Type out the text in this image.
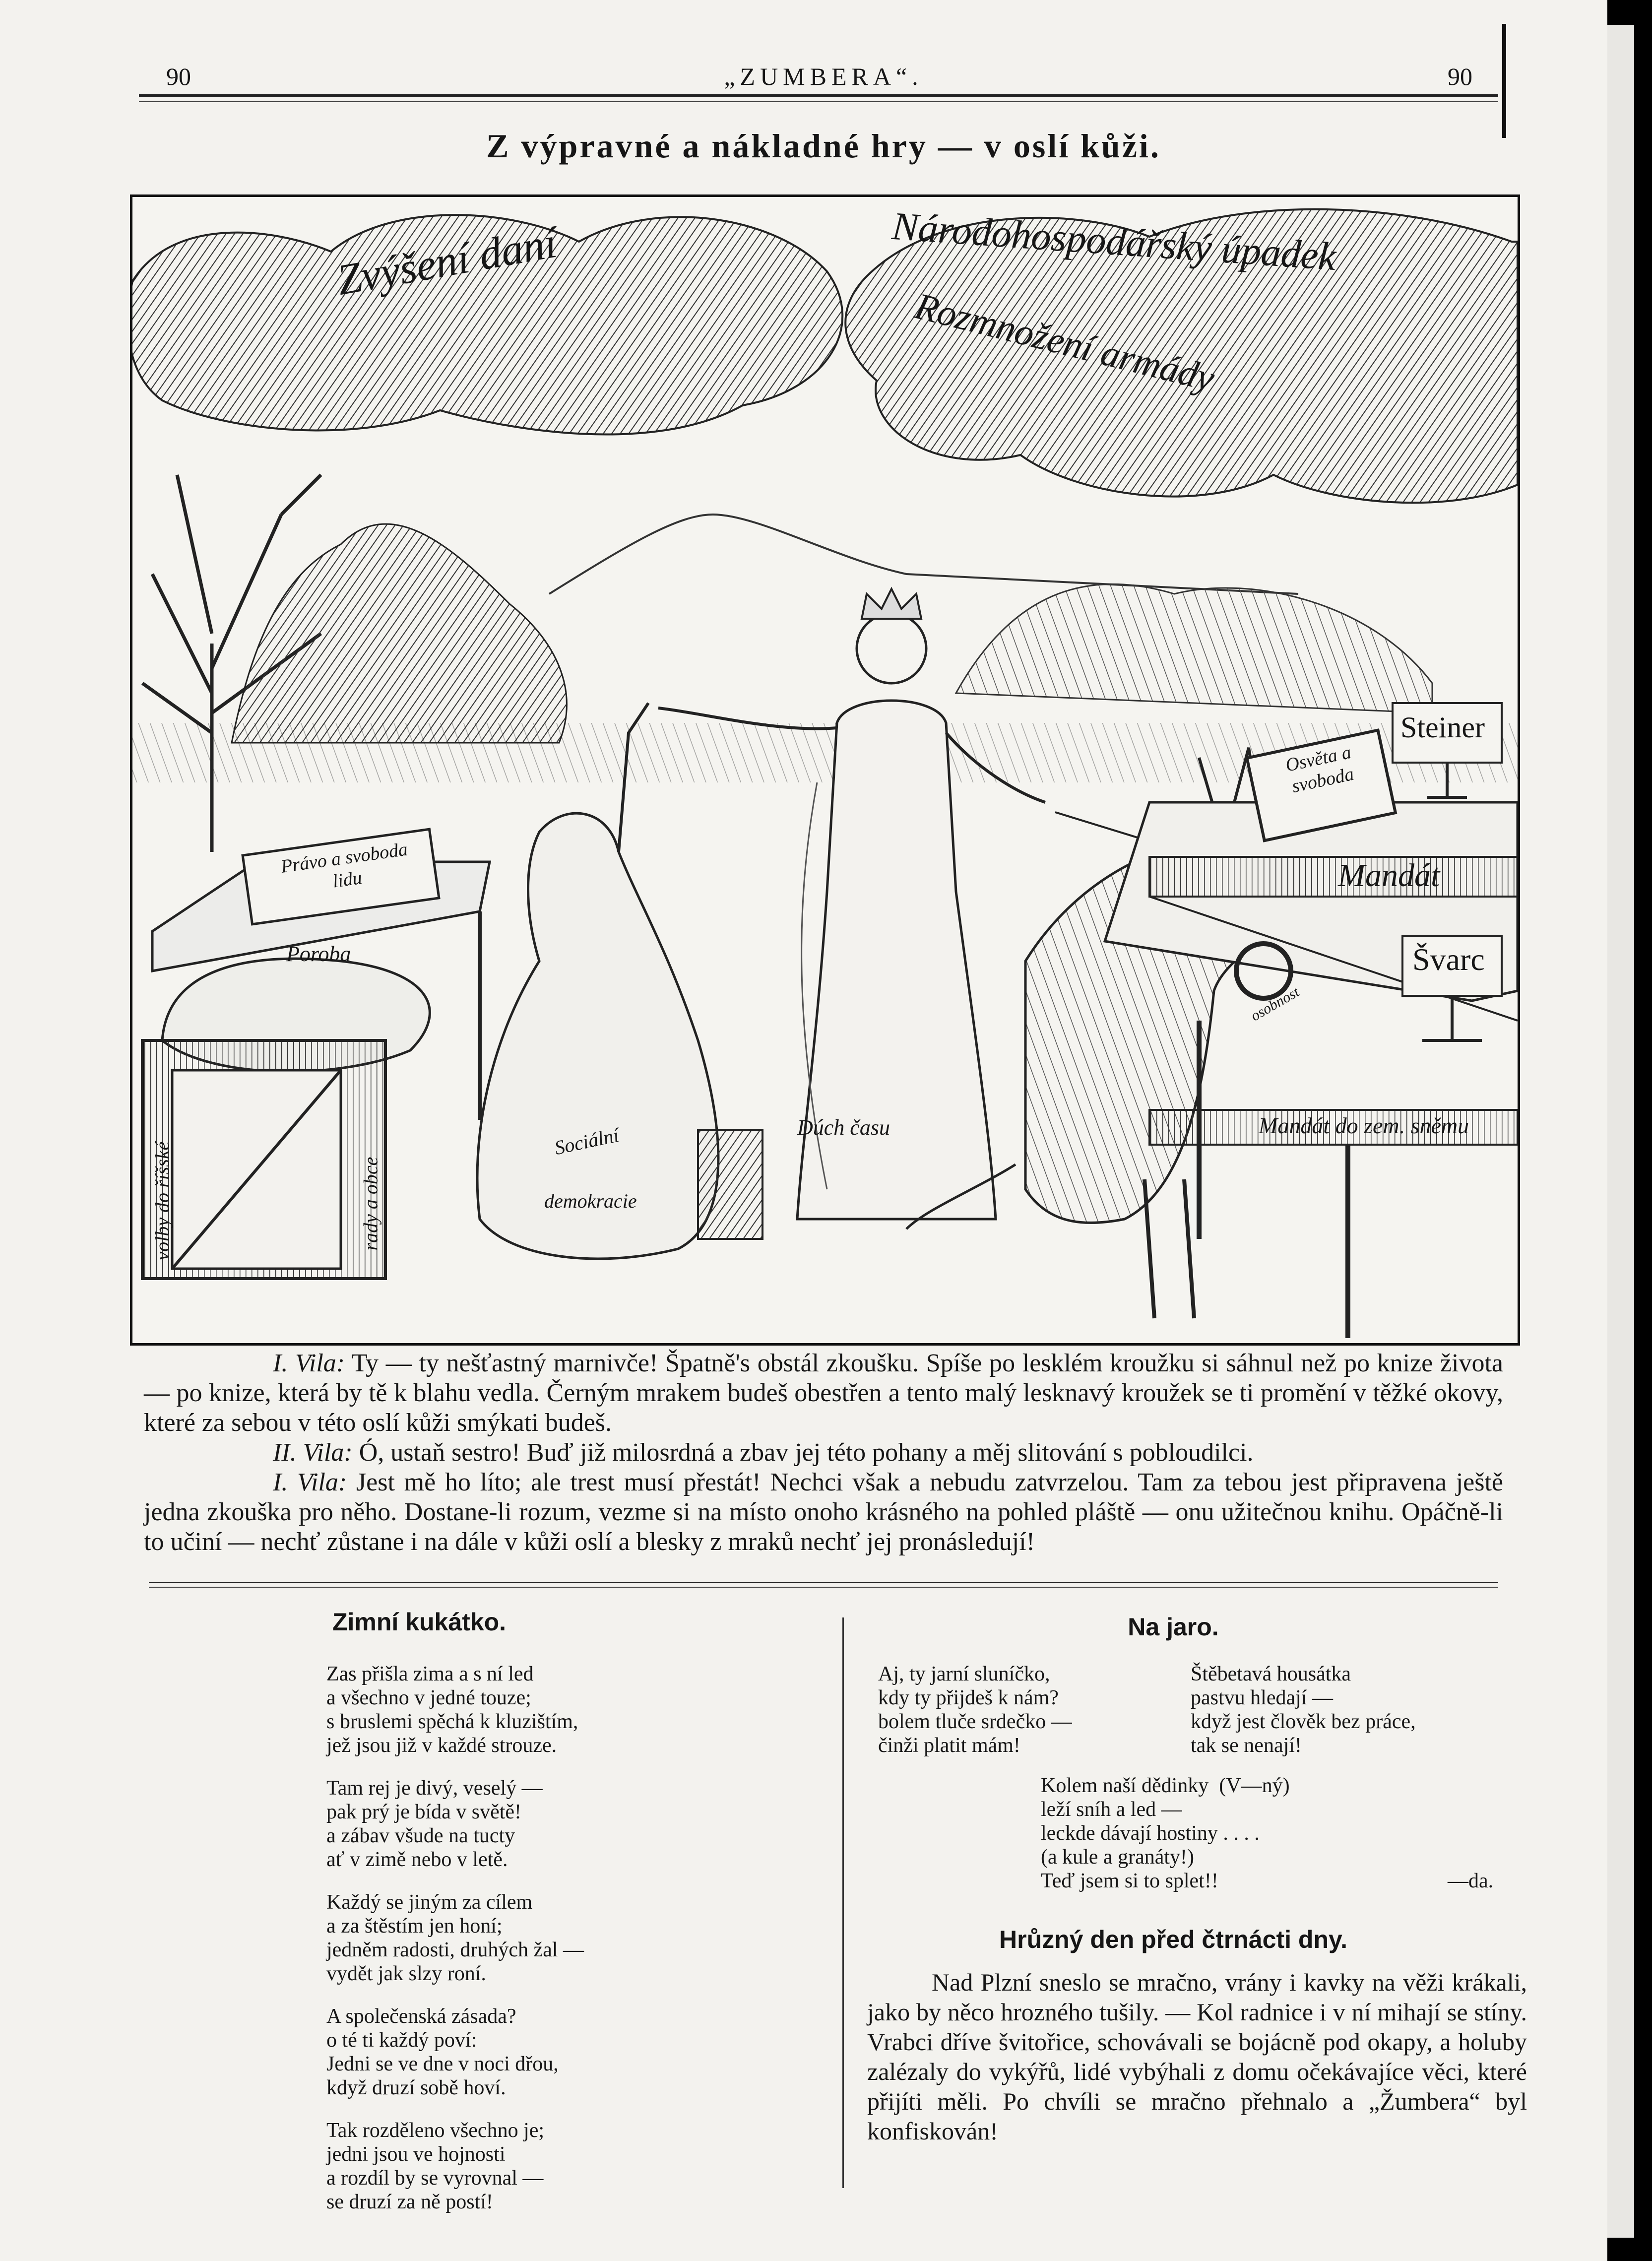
90	„ZUMBERA“.	90
Z výpravné a nákladné hry — v oslí kůži.
Zvýšení daní	Národohospodářský úpadek
Rozmnožení armády
Právo a svoboda lidu
Poroba
volby do říšské	rady a obce
Sociální
demokracie
Dúch času
Osvěta a svoboda
Steiner
Mandát
Švarc
osobnost
Mandát do zem. sněmu

I. Vila: Ty — ty nešťastný marnivče! Špatně's obstál zkoušku. Spíše po lesklém kroužku si sáhnul než po knize života — po knize, která by tě k blahu vedla. Černým mrakem budeš obestřen a tento malý lesknavý kroužek se ti promění v těžké okovy, které za sebou v této oslí kůži smýkati budeš.

II. Vila: Ó, ustaň sestro! Buď již milosrdná a zbav jej této pohany a měj slitování s pobloudilci.

I. Vila: Jest mě ho líto; ale trest musí přestát! Nechci však a nebudu zatvrzelou. Tam za tebou jest připravena ještě jedna zkouška pro něho. Dostane-li rozum, vezme si na místo onoho krásného na pohled pláště — onu užitečnou knihu. Opáčně-li to učiní — nechť zůstane i na dále v kůži oslí a blesky z mraků nechť jej pronásledují!

Zimní kukátko.
Zas přišla zima a s ní led
a všechno v jedné touze;
s bruslemi spěchá k kluzištím,
jež jsou již v každé strouze.
Tam rej je divý, veselý —
pak prý je bída v světě!
a zábav všude na tucty
ať v zimě nebo v letě.
Každý se jiným za cílem
a za štěstím jen honí;
jedněm radosti, druhých žal —
vydět jak slzy roní.
A společenská zásada?
o té ti každý poví:
Jedni se ve dne v noci dřou,
když druzí sobě hoví.
Tak rozděleno všechno je;
jedni jsou ve hojnosti
a rozdíl by se vyrovnal —
se druzí za ně postí!
Na jaro.
Aj, ty jarní sluníčko,
kdy ty přijdeš k nám?
bolem tluče srdečko —
činži platit mám!
Štěbetavá housátka
pastvu hledají —
když jest člověk bez práce,
tak se nenají!
Kolem naší dědinky  (V—ný)
leží sníh a led —
leckde dávají hostiny . . . .
(a kule a granáty!)
Teď jsem si to splet!!	—da.
Hrůzný den před čtrnácti dny.

Nad Plzní sneslo se mračno, vrány i kavky na věži krákali, jako by něco hrozného tušily. — Kol radnice i v ní mihají se stíny. Vrabci dříve švitořice, schovávali se bojácně pod okapy, a holuby zalézaly do vykýřů, lidé vybýhali z domu očekávajíce věci, které přijíti měli. Po chvíli se mračno přehnalo a „Žumbera“ byl konfiskován!
